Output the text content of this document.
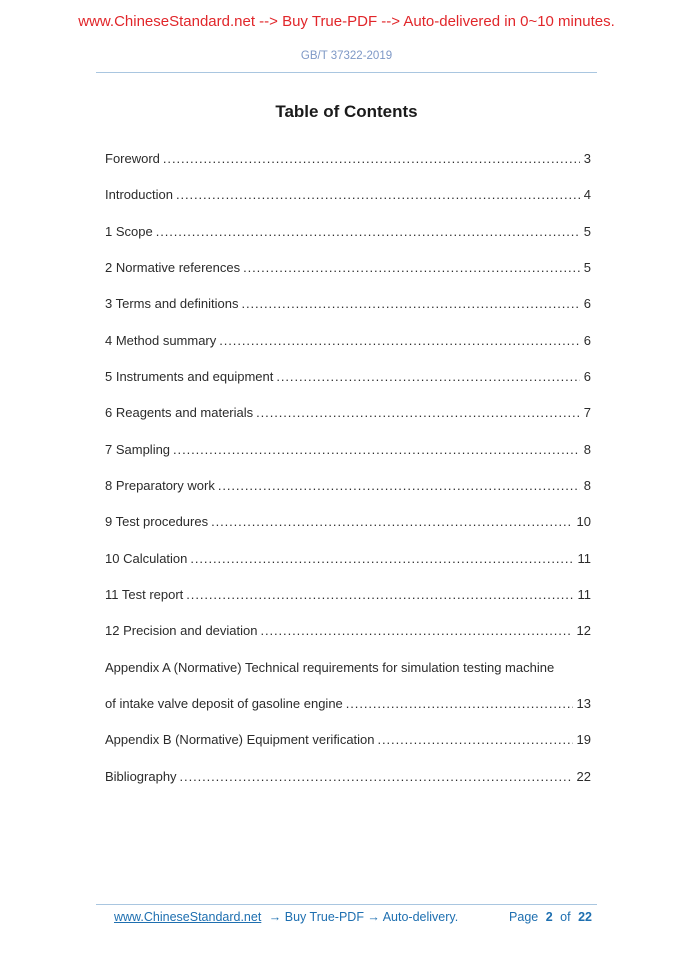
www.ChineseStandard.net --> Buy True-PDF --> Auto-delivered in 0~10 minutes.
GB/T 37322-2019
Table of Contents
Foreword .....	3
Introduction .....	4
1 Scope .....	5
2 Normative references .....	5
3 Terms and definitions .....	6
4 Method summary .....	6
5 Instruments and equipment .....	6
6 Reagents and materials .....	7
7 Sampling .....	8
8 Preparatory work .....	8
9 Test procedures .....	10
10 Calculation .....	11
11 Test report .....	11
12 Precision and deviation .....	12
Appendix A (Normative) Technical requirements for simulation testing machine
of intake valve deposit of gasoline engine .....	13
Appendix B (Normative) Equipment verification .....	19
Bibliography .....	22
www.ChineseStandard.net → Buy True-PDF → Auto-delivery.	Page 2 of 22
